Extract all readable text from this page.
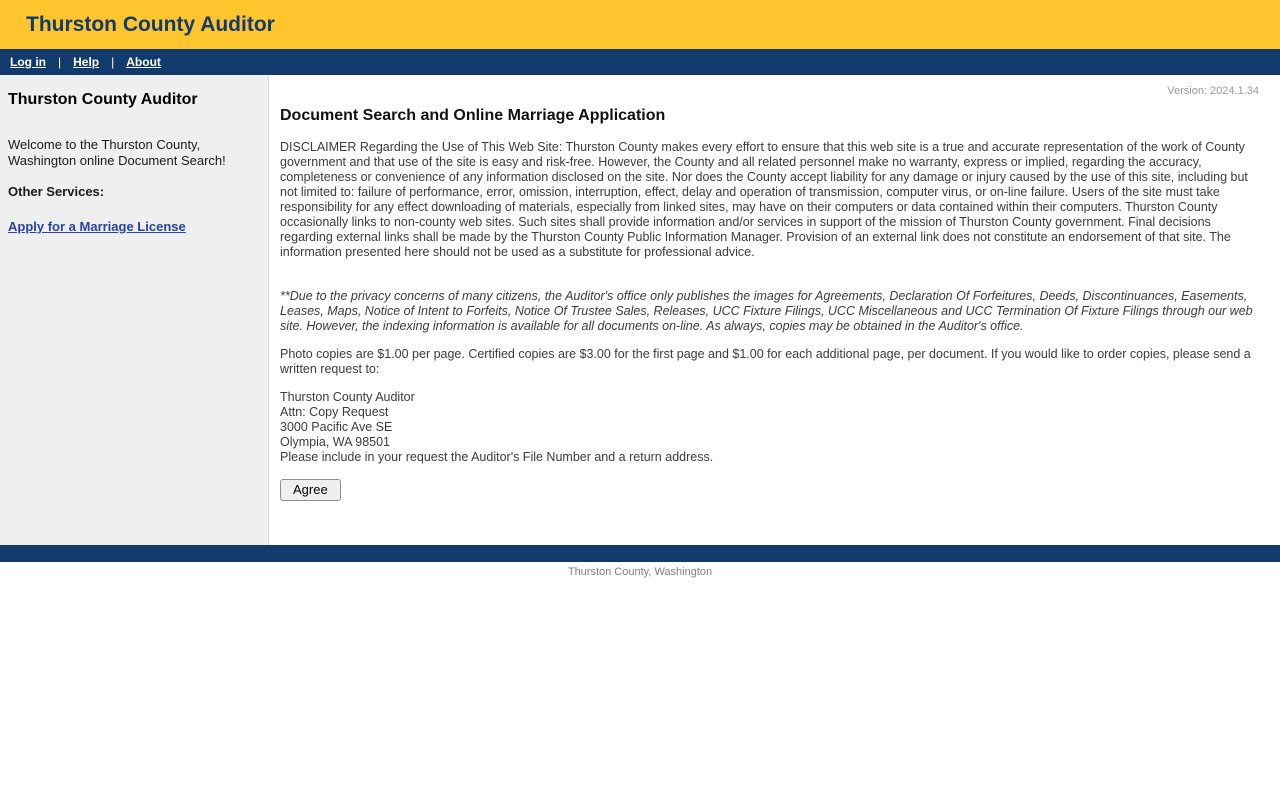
Thurston County Auditor
Log in | Help | About
Thurston County Auditor
Welcome to the Thurston County, Washington online Document Search!
Other Services:
Apply for a Marriage License
Version: 2024.1.34
Document Search and Online Marriage Application

DISCLAIMER Regarding the Use of This Web Site: Thurston County makes every effort to ensure that this web site is a true and accurate representation of the work of County government and that use of the site is easy and risk-free. However, the County and all related personnel make no warranty, express or implied, regarding the accuracy, completeness or convenience of any information disclosed on the site. Nor does the County accept liability for any damage or injury caused by the use of this site, including but not limited to: failure of performance, error, omission, interruption, effect, delay and operation of transmission, computer virus, or on-line failure. Users of the site must take responsibility for any effect downloading of materials, especially from linked sites, may have on their computers or data contained within their computers. Thurston County occasionally links to non-county web sites. Such sites shall provide information and/or services in support of the mission of Thurston County government. Final decisions regarding external links shall be made by the Thurston County Public Information Manager. Provision of an external link does not constitute an endorsement of that site. The information presented here should not be used as a substitute for professional advice.

**Due to the privacy concerns of many citizens, the Auditor's office only publishes the images for Agreements, Declaration Of Forfeitures, Deeds, Discontinuances, Easements, Leases, Maps, Notice of Intent to Forfeits, Notice Of Trustee Sales, Releases, UCC Fixture Filings, UCC Miscellaneous and UCC Termination Of Fixture Filings through our web site. However, the indexing information is available for all documents on-line. As always, copies may be obtained in the Auditor's office.

Photo copies are $1.00 per page. Certified copies are $3.00 for the first page and $1.00 for each additional page, per document. If you would like to order copies, please send a written request to:

Thurston County Auditor
Attn: Copy Request
3000 Pacific Ave SE
Olympia, WA 98501
Please include in your request the Auditor's File Number and a return address.
Agree
Thurston County, Washington
